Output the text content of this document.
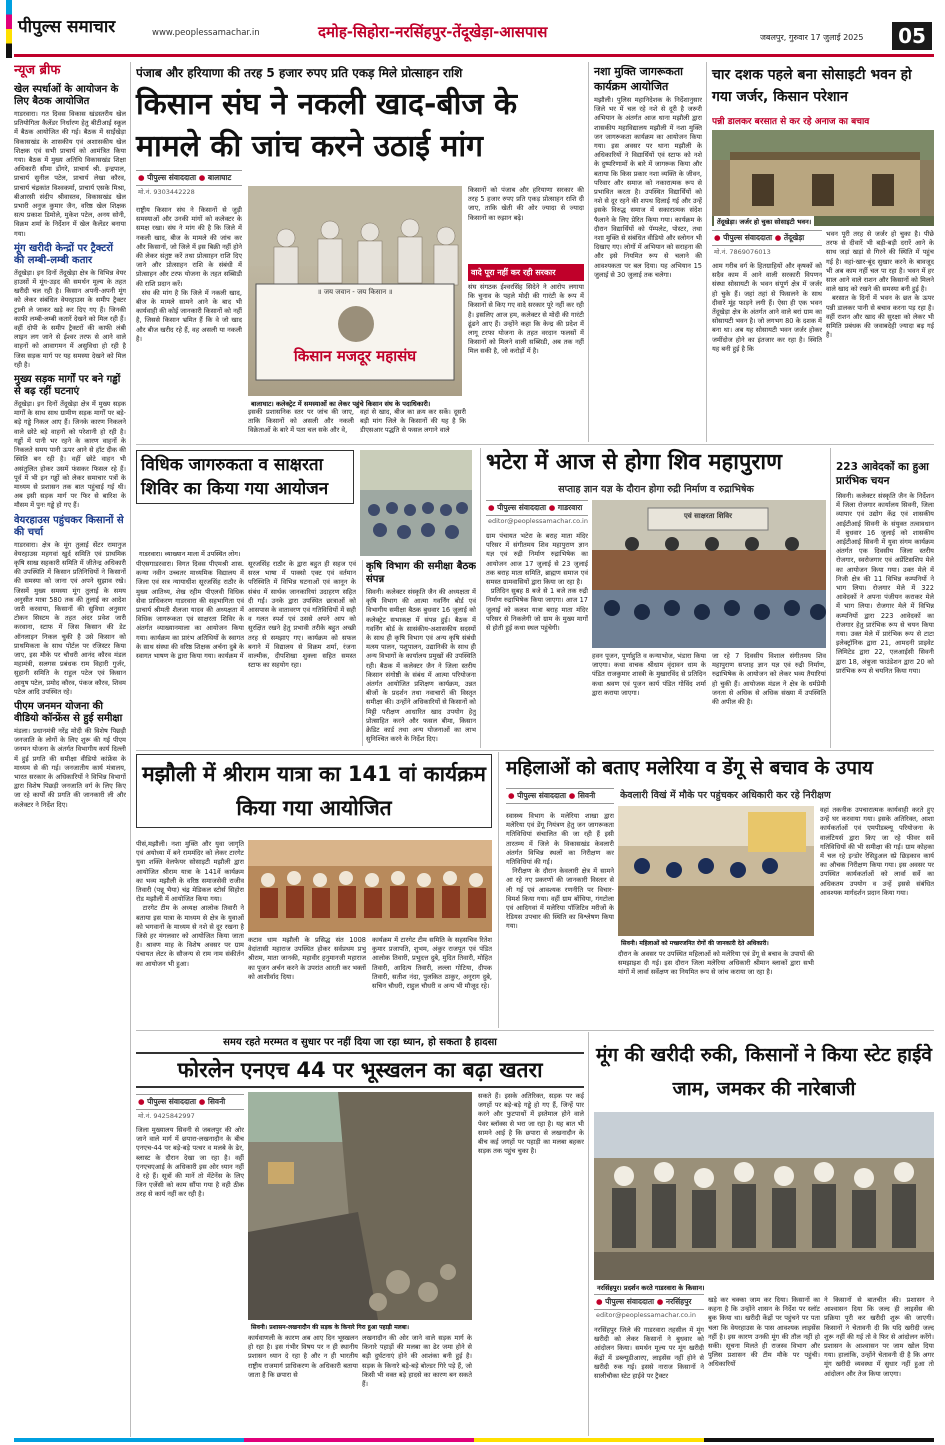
पीपुल्स समाचार	www.peoplessamachar.in	दमोह-सिहोरा-नरसिंहपुर-तेंदूखेड़ा-आसपास	जबलपुर, गुरुवार 17 जुलाई 2025	05
न्यूज ब्रीफ
खेल स्पर्धाओं के आयोजन के लिए बैठक आयोजित
गाडरवारा। गत दिवस विकास खंडस्तरीय खेल प्रतियोगिता कैलेंडर निर्धारण हेतु बीटीआई स्कूल में बैठक आयोजित की गई। बैठक में साईंखेड़ा विकासखंड के शासकीय एवं अशासकीय खेल शिक्षक एवं सभी प्राचार्य को आमंत्रित किया गया। बैठक में मुख्य अतिथि विकासखंड शिक्षा अधिकारी सीमा डोंगरे, प्राचार्य श्री. इन्द्रपाल, प्राचार्य सुनील पटेल, प्राचार्य लेखा कौरव, प्राचार्य चंद्रकांत विश्वकर्मा, प्राचार्य एसके मिश्रा, बीआरसी संदीप श्रीवास्तव, विकासखंड खेल प्रभारी अनुज कुमार जैन, वरिष्ठ खेल शिक्षक सत्य प्रकाश डिमोले, मुकेश पटेल, अनय सोनी, विक्रम शर्मा के निर्देशन में खेल कैलेंडर बनाया गया।
मूंग खरीदी केन्द्रों पर ट्रैक्टरों की लम्बी-लम्बी कतार
तेंदूखेड़ा। इन दिनों तेंदूखेड़ा क्षेत्र के विभिन्न वेयर हाउसों में मूंग-उड़द की समर्थन मूल्य के तहत खरीदी चल रही है। किसान अपनी-अपनी मूंग को लेकर संबंधित वेयरहाउस के समीप ट्रैक्टर ट्राली ले जाकर खड़े कर दिए गए हैं। जिनकी काफी लम्बी-लम्बी कतारें देखने को मिल रही हैं। वहीं दोपी के समीप ट्रैक्टरों की काफी लंबी लाइन लग जाने से ईश्वर तरफ से आने वाले वाहनों को आवागमन में असुविधा हो रही है जिस सड़क मार्ग पर यह समस्या देखने को मिल रही है।
मुख्य सड़क मार्गों पर बने गड्ढों से बढ़ रहीं घटनाएं
तेंदूखेड़ा। इन दिनों तेंदूखेड़ा क्षेत्र में मुख्य सड़क मार्गों के साथ साथ ग्रामीण सड़क मार्गों पर बड़े-बड़े गड्ढे निकल आए हैं। जिनके कारण निकलने वाले छोटे बड़े वाहनों को परेशानी हो रही है। गड्ढों में पानी भर रहने के कारण वाहनों के निकलते समय पानी ऊपर आने से हॉट दीक की स्थिति बन रही है। वहीं छोटे वाहन भी असंतुलित होकर उसमें फंसकर फिसल रहे हैं। पूर्व में भी इन गड्ढों को लेकर समाचार पत्रों के माध्यम से प्रशासन तक बात पहुंचाई गई थी। अब इसी सड़क मार्ग पर फिर से बारिश के मौसम में पुनः गड्ढे हो गए हैं।
वेयरहाउस पहुंचकर किसानों से की चर्चा
गाडरवारा। क्षेत्र के मूंग तुलाई सेंटर रामानुज वेयरहाउस महगवां खुर्द समिति एवं प्राथमिक कृषि साख सहकारी समिति में जीतेन्द्र अधिकारी की उपस्थिति में किसान प्रतिनिधियों ने किसानों की समस्या को जाना एवं अपने सुझाव रखे। जिसमें मुख्य समस्या मूंग तुलाई के समय अनुसीत मात्रा 580 तक की तुलाई का आदेश जारी करवाया, किसानों की सुविधा अनुसार टोकन सिस्टम के तहत अंदर प्रवेश जारी करवाना, स्टाफ में जिस किसान की डेट ऑनलाइन निकल चुकी है उसे किसान को प्राथमिकता के साथ पोर्टल पर रजिस्टर किया जाए, इस मौके पर चौधरी आनंद कौरव मंडल महामंत्री, सलगस प्रबंधक राम विहारी गुर्जर, सुहानी समिति के राहुल पटेल एवं किसान आयुष पटेल, प्रमोद कौरव, पंकज कौरव, शिवम पटेल आदि उपस्थित रहे।
पीएम जनमन योजना की वीडियो कॉन्फ्रेंस से हुई समीक्षा
मंडला। प्रधानमंत्री नरेंद्र मोदी की विशेष पिछड़ी जनजाति के लोगों के लिए शुरू की गई पीएम जनमन योजना के अंतर्गत विभागीय कार्य दिल्ली में हुई प्रगति की समीक्षा वीडियो कांफ्रेंस के माध्यम से की गई। जनजातीय कार्य मंत्रालय, भारत सरकार के अधिकारियों ने विभिन्न विभागों द्वारा विशेष पिछड़ी जनजाति वर्ग के लिए किए जा रहे कार्यों की प्रगति की जानकारी ली और कलेक्टर ने निर्देश दिए।
पंजाब और हरियाणा की तरह 5 हजार रुपए प्रति एकड़ मिले प्रोत्साहन राशि
किसान संघ ने नकली खाद-बीज के मामले की जांच करने उठाई मांग
● पीपुल्स संवाददाता ● बालाघाट
मो.नं. 9303442228
राष्ट्रीय किसान संघ ने किसानों से जुड़ी समस्याओं और उनकी मांगों को कलेक्टर के समक्ष रखा। संघ ने मांग की है कि जिले में नकली खाद, बीज के मामले की जांच कर और किसानों, जो जिले में इस बिक्री नहीं होने की लेकर संतुष्ट करें तथा प्रोत्साहन राशि दिए जाने और प्रोत्साहन राशि के संबंधी में प्रोत्साहन और टरफ योजना के तहत सब्सिडी की राशि प्रदान करें।
संघ की मांग है कि जिले में नकली खाद, बीज के मामले सामने आने के बाद भी कार्यवाही की कोई जानकारी किसानों को नहीं है, जिससे किसान भ्रमित हैं कि वे जो खाद और बीज खरीद रहे हैं, वह असली या नकली है।
॥ जय जवान - जय किसान ॥
किसान मजदूर महासंघ
बालाघाट। कलेक्ट्रेट में समस्याओं का लेकर पहुंचे किसान संघ के पदाधिकारी।
इसकी प्रशासनिक स्तर पर जांच की जाए, ताकि किसानों को असली और नकली विक्रेताओं के बारे में पता चल सके और वे,
वहां से खाद, बीज का क्रय कर सकें। दूसरी बड़ी मांग जिले के किसानों की यह है कि डीएसआर पद्धति से फसल लगाने वाले
किसानों को पंजाब और हरियाणा सरकार की तरह 5 हजार रुपए प्रति एकड़ प्रोत्साहन राशि दी जाए, ताकि खेती की ओर ज्यादा से ज्यादा किसानों का रुझान बढ़े।
वादे पूरा नहीं कर रही सरकार
संघ संगठक ईश्वरसिंह सिदेने ने आरोप लगाया कि चुनाव के पहले मोदी की गारंटी के रूप में किसानों से किए गए वादे सरकार पूरे नहीं कर रही है। इसलिए आज हम, कलेक्टर से मोदी की गारंटी ढूंढने आए हैं। उन्होंने कहा कि केन्द्र की प्रदेश में लागू टरफा योजना के तहत वरदान फलसों में किसानों को मिलने वाली सब्सिडी, अब तक नहीं मिल सकी है, जो करोड़ों में है।
नशा मुक्ति जागरूकता कार्यक्रम आयोजित
मझौली। पुलिस महानिदेशक के निर्देशानुसार जिले भर में चल रहे नशे से दूरी है जरूरी अभियान के अंतर्गत आज थाना मझौली द्वारा शासकीय महाविद्यालय मझौली में नशा मुक्ति जन जागरूकता कार्यक्रम का आयोजन किया गया। इस अवसर पर थाना मझौली के अधिकारियों ने विद्यार्थियों एवं स्टाफ को नशे के दुष्परिणामों के बारे में जागरूक किया और बताया कि किस प्रकार नशा व्यक्ति के जीवन, परिवार और समाज को नकारात्मक रूप से प्रभावित करता है। उपस्थित विद्यार्थियों को नशे से दूर रहने की शपथ दिलाई गई और उन्हें इसके विरुद्ध समाज में सकारात्मक संदेश फैलाने के लिए प्रेरित किया गया। कार्यक्रम के दौरान विद्यार्थियों को पॅम्पलेट, पोस्टर, तथा नशा मुक्ति से संबंधित वीडियो और स्लोगन भी दिखाए गए। लोगों में अभियान को सराहना की और इसे नियमित रूप से चलाने की आवश्यकता पर बल दिया। यह अभियान 15 जुलाई से 30 जुलाई तक चलेगा।
चार दशक पहले बना सोसाइटी भवन हो गया जर्जर, किसान परेशान
पन्नी डालकर बरसात से कर रहे अनाज का बचाव
तेंदूखेड़ा। जर्जर हो चुका सोसाइटी भवन।
● पीपुल्स संवाददाता ● तेंदूखेड़ा
मो.नं. 7869076013
आम गरीब वर्ग के हितग्राहियों और कृषकों को सदैव काम में आने वाली सरकारी विपणन संस्था सोसायटी के भवन संपूर्ण क्षेत्र में जर्जर हो चुके हैं। जहां तहां से फिसलने के साथ दीवारें मूंह फाड़ने लगी हैं। ऐसा ही एक भवन तेंदूखेड़ा क्षेत्र के अंतर्गत आने वाले बरां ग्राम का सोसायटी भवन है। जो लगभग 80 के दशक में बना था। अब यह सोसायटी भवन जर्जर होकर जमींदोज होने का इंतजार कर रहा है। स्थिति यह बनी हुई है कि
भवन पूरी तरह से जर्जर हो चुका है। पीछे तरफ से दीवारें भी बड़ी-बड़ी दरारें आने के साथ जड़ां खड़ां से गिरने की स्थिति में पहुंच गई है। वहां-खार-बूंद सुखार करने के बावजूद भी अब काम नहीं चल पा रहा है। भवन में हर साल आने वाले राशन और किसानों को मिलने वाले खाद को रखने की समस्या बनी हुई है।
बरसात के दिनों में भवन के छत के ऊपर पन्नी डालकर पानी से बचाव करना पड़ रहा है। वहीं राशन और खाद की सुरक्षा को लेकर भी समिति प्रबंधक की जवाबदेही ज्यादा बढ़ गई है।
विधिक जागरुकता व साक्षरता शिविर का किया गया आयोजन
गाडरवारा। व्याख्यान माला में उपस्थित लोग।
पीएसगाडरवारा। विगत दिवस पीएमश्री शास. कन्या नवीन उच्चतर माध्यमिक विद्यालय में जिला एवं सत्र न्यायाधीश सूरजसिंह राठौर के मुख्य आतिथ्य, शेख रहीम पीएलवी विधिक सेवा प्राधिकरण गाडरवारा की सहभागिता एवं प्राचार्य श्रीमती शैलजा यादव की अध्यक्षता में विधिक जागरूकता एवं साक्षरता शिविर के अंतर्गत व्याख्यानमाला का आयोजन किया गया। कार्यक्रम का प्रारंभ अतिथियों के स्वागत के साथ संस्था की वरिष्ठ शिक्षक अर्चना दुबे के स्वागत भाषण के द्वारा किया गया। कार्यक्रम में
सूरजसिंह राठौर के द्वारा बहुत ही सहज एवं सरल भाषा में पाक्सो एक्ट एवं वर्तमान परिस्थिति में विभिन्न घटनाओं एवं कानून के संबंध में सार्थक जानकारियां उदाहरण सहित दी गईं। उनके द्वारा उपस्थित छात्राओं को आसपास के वातावरण एवं गतिविधियों में सही व गलत स्पर्श एवं उससे अपने आप को सुरक्षित रखने हेतु प्रभावी तरीके बहुत अच्छी तरह से समझाए गए। कार्यक्रम को सफल बनाने में विद्यालय से विक्रम शर्मा, रंजना वाल्मीक, दीपशिखा शुक्ला सहित समस्त स्टाफ का सहयोग रहा।
कृषि विभाग की समीक्षा बैठक संपन्न
सिवनी। कलेक्टर संस्कृति जैन की अध्यक्षता में कृषि विभाग की आत्मा गवर्निंग बोर्ड एवं विभागीय समीक्षा बैठक बुधवार 16 जुलाई को कलेक्ट्रेट सभाकक्ष में संपन्न हुई। बैठक में गवर्निंग बोर्ड के सासंकीय-अशासकीय सदस्यों के साथ ही कृषि विभाग एवं अन्य कृषि संबंधी मत्स्य पालन, पशुपालन, उद्यानिकी के साथ ही अन्य विभागों के कार्यालय प्रमुखों की उपस्थिति रही। बैठक में कलेक्टर जैन ने जिला स्तरीय किसान संगोष्ठी के संबंध में आत्मा परियोजना अंतर्गत आयोजित प्रशिक्षण कार्यक्रम, उन्नत बीजों के प्रदर्शन तथा नवाचारों की विस्तृत समीक्षा की। उन्होंने अधिकारियों से किसानों को मिट्टी परीक्षण आधारित खाद उपयोग हेतु प्रोत्साहित करने और फसल बीमा, किसान क्रेडिट कार्ड तथा अन्य योजनाओं का लाभ सुनिश्चित करने के निर्देश दिए।
भटेरा में आज से होगा शिव महापुराण
सप्ताह ज्ञान यज्ञ के दौरान होगा रुद्री निर्माण व रुद्राभिषेक
● पीपुल्स संवाददाता ● गाडरवारा
editor@peoplessamachar.co.in
ग्राम पंचायत भटेरा के बराह माता मंदिर परिसर में संगीतमय शिव महापुराण ज्ञान यज्ञ एवं रुद्री निर्माण रुद्राभिषेक का आयोजन आज 17 जुलाई से 23 जुलाई तक बराह माता समिति, ब्राह्मण समाज एवं समस्त ग्रामवासियों द्वारा किया जा रहा है।
प्रतिदिन सुबह 8 बजे से 1 बजे तक रुद्री निर्माण रुद्राभिषेक किया जाएगा। आज 17 जुलाई को कलश यात्रा बराह माता मंदिर परिसर से निकलेगी जो ग्राम के मुख्य मार्गों से होती हुई कथा स्थल पहुंचेगी।
एवं साक्षरता शिविर
हवन पूजन, पूर्णाहुति व कन्याभोज, भंडारा किया जाएगा। कथा वाचक श्रीधाम वृंदावन धाम के पंडित राजकुमार शास्त्री के मुखारविंद से प्रतिदिन कथा श्रवण एवं पूजन कार्य पंडित गोविंद शर्मा द्वारा कराया जाएगा।
जा रहे 7 दिवसीय विशाल संगीतमय शिव महापुराण सप्ताह ज्ञान यज्ञ एवं रुद्री निर्माण, रुद्राभिषेक के आयोजन को लेकर भव्य तैयारियां हो चुकी हैं। आयोजक मंडल ने क्षेत्र के धर्मप्रेमी जनता से अधिक से अधिक संख्या में उपस्थिति की अपील की है।
223 आवेदकों का हुआ प्रारंभिक चयन
सिवनी। कलेक्टर संस्कृति जैन के निर्देशन में जिला रोजगार कार्यालय सिवनी, जिला व्यापार एवं उद्योग केंद्र एवं शासकीय आईटीआई सिवनी के संयुक्त तत्वावधान में बुधवार 16 जुलाई को शासकीय आईटीआई सिवनी में युवा संगम कार्यक्रम अंतर्गत एक दिवसीय जिला स्तरीय रोजगार, स्वरोजगार एवं अप्रेंटिसशिप मेले का आयोजन किया गया। उक्त मेले में निजी क्षेत्र की 11 विभिन्न कम्पनियों ने भाग लिया। रोजगार मेले में 322 आवेदकों ने अपना पंजीयन कराकर मेले में भाग लिया। रोजगार मेले में विभिन्न कम्पनियों द्वारा 223 आवेदकों का रोजगार हेतु प्रारंभिक रूप से चयन किया गया। उक्त मेले में प्रारंभिक रूप से टाटा इलेक्ट्रॉनिक द्वारा 21, आमदनी प्राइवेट लिमिटेड द्वारा 22, एलआईसी सिवनी द्वारा 18, अंबुजा फाउंडेशन द्वारा 20 को प्रारंभिक रूप से चयनित किया गया।
मझौली में श्रीराम यात्रा का 141 वां कार्यक्रम किया गया आयोजित
पीसं,मझौली। नशा मुक्ति और युवा जागृति एवं अयोध्या में बने राममंदिर को लेकर टारगेट युवा शक्ति वेलफेयर सोसाइटी मझौली द्वारा आयोजित श्रीराम यात्रा के 141वें कार्यक्रम का भव्य मझौली के वरिष्ठ समाजसेवी राजीव तिवारी (पन्नू भैया) चंद्र मेडिकल स्टोर्स सिहोरा रोड मझौली में आयोजित किया गया।
टारगेट टीम के अध्यक्ष आलोक तिवारी ने बताया इस यात्रा के माध्यम से क्षेत्र के युवाओं को भगवानों के माध्यम से नशे से दूर रखना है जिसे हर मंगलवार को आयोजित किया जाता है। श्रावण माह के विशेष अवसर पर ग्राम पंचायत लेटर के सौजन्य से राम नाम संकीर्तन का आयोजन भी हुआ।
कटाव धाम मझौली के प्रसिद्ध संत 1008 वेदांतासी महाराज उपस्थित होकर सर्वप्रथम प्रभु श्रीराम, माता जानकी, महावीर हनुमानजी महाराज का पूजन अर्चन करने के उपरांत आरती कर भक्तों को आशीर्वाद दिया।
कार्यक्रम में टारगेट टीम समिति के सहसचिव रितेश कुमार प्रजापति, शुभम, अंकुर राजपूत एवं पंडित आलोक तिवारी, प्रभुदत्त दुबे, मुदित तिवारी, मोहित तिवारी, आदित्य तिवारी, लल्ला गोटिया, दीपक तिवारी, सतीश नंदा, पुलकित ठाकुर, अनुराग दुबे, सचिन चौधरी, राहुल चौधरी व अन्य भी मौजूद रहे।
महिलाओं को बताए मलेरिया व डेंगू से बचाव के उपाय
केवलारी विखं में मौके पर पहुंचकर अधिकारी कर रहे निरीक्षण
● पीपुल्स संवाददाता ● सिवनी
स्वास्थ्य विभाग के मलेरिया शाखा द्वारा मलेरिया एवं डेंगू नियंत्रण हेतु जन जागरूकता गतिविधियां संचालित की जा रही हैं इसी तारतम्य में जिले के विकासखंड केवलारी अंतर्गत विभिन्न स्थलों का निरीक्षण कर गतिविधियां की गईं।
निरीक्षण के दौरान केवलारी क्षेत्र में सामने आ रहे नए प्रकरणों की जानकारी विस्तार से ली गई एवं आवश्यक रणनीति पर विचार-विमर्श किया गया। वहीं ग्राम बोंथिया, गंगटोला एवं आदिगवां में मलेरिया पॉजिटिव मरीजों के रेडियस उपचार की स्थिति का विश्लेषण किया गया।
सिवनी। महिलाओं को मच्छरजनित रोगों की जानकारी देते अधिकारी।
वहां तकनीक उपचारात्मक कार्यवाही करते हुए उन्हें घर करवाया गया। इसके अतिरिक्त, आशा कार्यकर्ताओं एवं एमपीडब्ल्यू परियोजना के वालंटियर्स द्वारा किए जा रहे फीवर सर्वे गतिविधियों की भी समीक्षा की गई। ग्राम कोहका में चल रहे इन्डोर रेसिडुअल स्प्रे छिड़काव कार्य का औचक निरीक्षण किया गया। इस अवसर पर उपस्थित कार्यकर्ताओं को लार्वा सर्वे का अधिकतम उपयोग व उन्हें इससे संबंधित आवश्यक मार्गदर्शन प्रदान किया गया।
दौरान के अवसर पर उपस्थित महिलाओं को मलेरिया एवं डेंगू से बचाव के उपायों की समझाइश दी गई। इस दौरान जिला मलेरिया अधिकारी श्रीमान ब्लाकों द्वारा सभी मांगों में लार्वा सर्वेक्षण का नियमित रूप से जांच कराया जा रहा है।
समय रहते मरम्मत व सुधार पर नहीं दिया जा रहा ध्यान, हो सकता है हादसा
फोरलेन एनएच 44 पर भूस्खलन का बढ़ा खतरा
● पीपुल्स संवाददाता ● सिवनी
मो.नं. 9425842997
सिवनी। प्रशासन-लखनादौन की सड़क के किनारे गिरा हुआ पहाड़ी मलबा।
जिला मुख्यालय सिवनी से जबलपुर की ओर जाने वाले मार्ग में छपारा-लखनादौन के बीच एनएच-44 पर बड़े-बड़े पत्थर व मलबे के ढेर, ब्लास्ट के दौरान देखा जा रहा है। वहीं एनएचएआई के अधिकारी इस ओर ध्यान नहीं दे रहे हैं। सूत्रों की मानें तो मेंटेनेंस के लिए जिन एजेंसी को काम सौंपा गया है वही ठीक तरह से कार्य नहीं कर रही है।
कार्यवाणली के कारण अब आए दिन भूस्खलन हो रहा है। इस गंभीर विषय पर न ही स्थानीय प्रशासन ध्यान दे रहा है और न ही भारतीय राष्ट्रीय राजमार्ग प्राधिकरण के अधिकारी बताया जाता है कि छपारा से
लखनादौन की ओर जाने वाले सड़क मार्ग के किनारे पहाड़ों की मलबा का ढेर जमा होने से बड़ी दुर्घटनाएं होने की आशंका बनी हुई है। सड़क के किनारे बड़े-बड़े बोल्डर गिरे पड़े हैं, जो किसी भी वक्त बड़े हादसे का कारण बन सकते हैं।
सकते हैं। इसके अतिरिक्त, सड़क पर कई जगहों पर बड़े-बड़े गड्ढे हो गए हैं, जिन्हें पार करने और फुटपाथों में इस्तेमाल होने वाले पेवर ब्लॉक्स से भरा जा रहा है। यह बात भी सामने आई है कि छपारा से लखनादौन के बीच कई जगहों पर पहाड़ी का मलबा बहकर सड़क तक पहुंच चुका है।
मूंग की खरीदी रुकी, किसानों ने किया स्टेट हाईवे जाम, जमकर की नारेबाजी
नरसिंहपुर। प्रदर्शन करते गाडरवारा के किसान।
● पीपुल्स संवाददाता ● नरसिंहपुर
editor@peoplessamachar.co.in
नरसिंहपुर जिले की गाडरवारा तहसील में मूंग खरीदी को लेकर किसानों ने बुधवार को आंदोलन किया। समर्थन मूल्य पर मूंग खरीदी केंद्रों में डब्ल्यूडीआरए, लाइसेंस नहीं होने से खरीदी रुक गई। इससे नाराज किसानों ने सालीचौका स्टेट हाईवे पर ट्रैक्टर
खड़े कर चक्का जाम कर दिया। किसानों का कहना है कि उन्होंने शासन के निर्देश पर स्लॉट बुक किया था। खरीदी केंद्रों पर पहुंचने पर पता चला कि वेयरहाउस के पास आवश्यक लाइसेंस नहीं है। इस कारण उनकी मूंग की तौल नहीं हो सकी। सूचना मिलते ही राजस्व विभाग और पुलिस प्रशासन की टीम मौके पर पहुंची। अधिकारियों
ने किसानों से बातचीत की। प्रशासन ने आश्वासन दिया कि जल्द ही लाइसेंस की प्रक्रिया पूरी कर खरीदी शुरू की जाएगी। किसानों ने चेतावनी दी कि यदि खरीदी जल्द शुरू नहीं की गई तो वे फिर से आंदोलन करेंगे। प्रशासन के आश्वासन पर जाम खोल दिया गया। हालांकि, उन्होंने चेतावनी दी है कि अगर मूंग खरीदी व्यवस्था में सुधार नहीं हुआ तो आंदोलन और तेज किया जाएगा।
